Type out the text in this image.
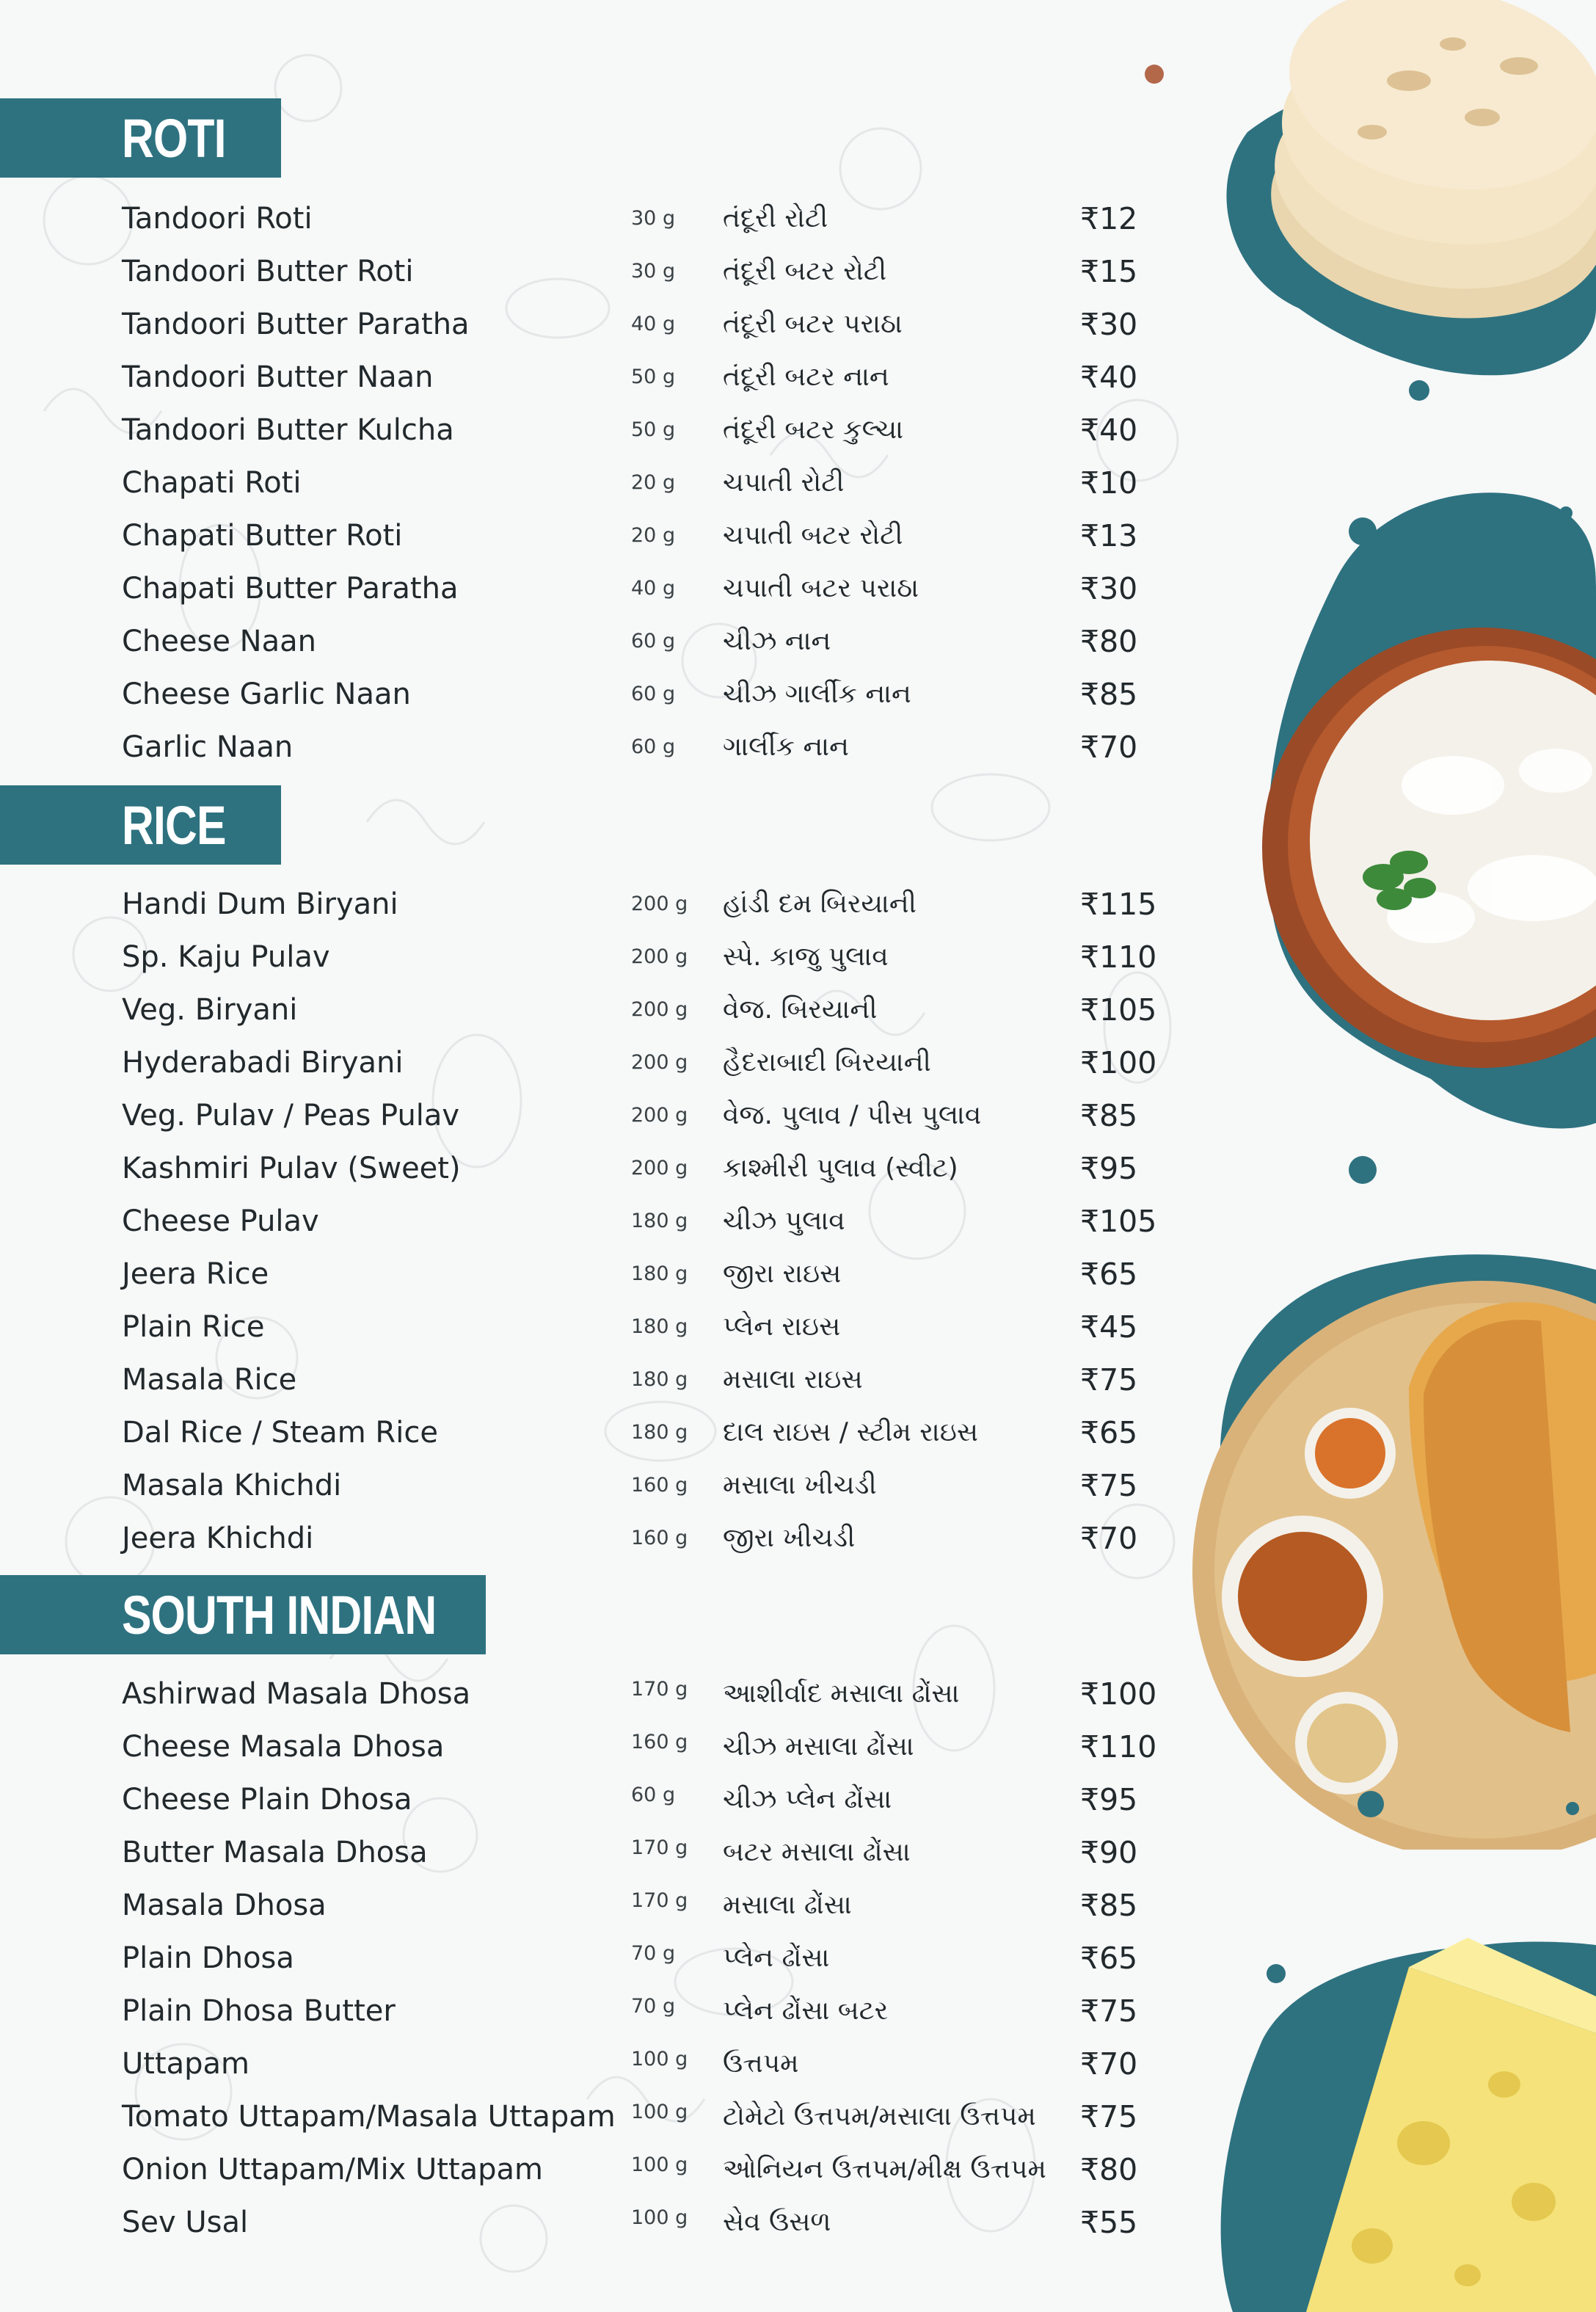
ROTI
RICE
SOUTH INDIAN
Tandoori Roti	30 g તંદૂરી રોટી	₹12
Tandoori Butter Roti	30 g તંદૂરી બટર રોટી	₹15
Tandoori Butter Paratha	40 g તંદૂરી બટર પરાઠા	₹30
Tandoori Butter Naan	50 g તંદૂરી બટર નાન	₹40
Tandoori Butter Kulcha	50 g તંદૂરી બટર કુલ્ચા	₹40
Chapati Roti	20 g ચપાતી રોટી	₹10
Chapati Butter Roti	20 g ચપાતી બટર રોટી	₹13
Chapati Butter Paratha	40 g ચપાતી બટર પરાઠા	₹30
Cheese Naan	60 g ચીઝ નાન	₹80
Cheese Garlic Naan	60 g ચીઝ ગાર્લીક નાન	₹85
Garlic Naan	60 g ગાર્લીક નાન	₹70
Handi Dum Biryani	200 g હાંડી દમ બિરયાની	₹115
Sp. Kaju Pulav	200 g સ્પે. કાજુ પુલાવ	₹110
Veg. Biryani	200 g વેજ. બિરયાની	₹105
Hyderabadi Biryani	200 g હૈદરાબાદી બિરયાની	₹100
Veg. Pulav / Peas Pulav	200 g વેજ. પુલાવ / પીસ પુલાવ	₹85
Kashmiri Pulav (Sweet)	200 g કાશ્મીરી પુલાવ (સ્વીટ)	₹95
Cheese Pulav	180 g ચીઝ પુલાવ	₹105
Jeera Rice	180 g જીરા રાઇસ	₹65
Plain Rice	180 g પ્લેન રાઇસ	₹45
Masala Rice	180 g મસાલા રાઇસ	₹75
Dal Rice / Steam Rice	180 g દાલ રાઇસ / સ્ટીમ રાઇસ	₹65
Masala Khichdi	160 g મસાલા ખીચડી	₹75
Jeera Khichdi	160 g જીરા ખીચડી	₹70
Ashirwad Masala Dhosa	170 g આશીર્વાદ મસાલા ઢોંસા	₹100
Cheese Masala Dhosa	160 g ચીઝ મસાલા ઢોંસા	₹110
Cheese Plain Dhosa	60 g ચીઝ પ્લેન ઢોંસા	₹95
Butter Masala Dhosa	170 g બટર મસાલા ઢોંસા	₹90
Masala Dhosa	170 g મસાલા ઢોંસા	₹85
Plain Dhosa	70 g પ્લેન ઢોંસા	₹65
Plain Dhosa Butter	70 g પ્લેન ઢોંસા બટર	₹75
Uttapam	100 g ઉત્તપમ	₹70
Tomato Uttapam/Masala Uttapam 100 g ટોમેટો ઉત્તપમ/મસાલા ઉત્તપમ ₹75
Onion Uttapam/Mix Uttapam	100 g ઓનિયન ઉત્તપમ/મીક્ષ ઉત્તપમ ₹80
Sev Usal	100 g સેવ ઉસળ	₹55
